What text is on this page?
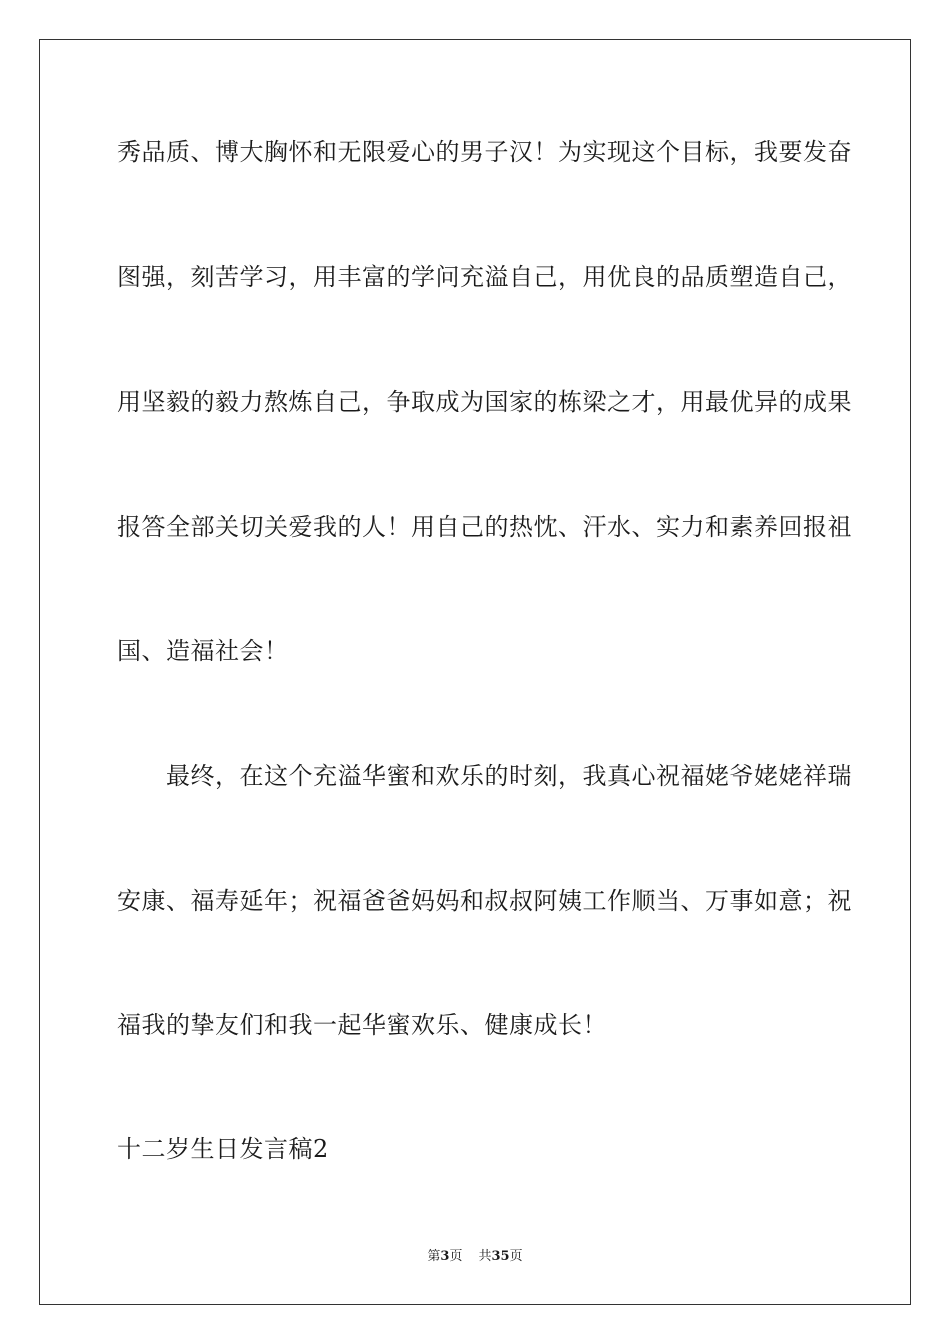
秀品质、博大胸怀和无限爱心的男子汉！为实现这个目标，我要发奋
图强，刻苦学习，用丰富的学问充溢自己，用优良的品质塑造自己，
用坚毅的毅力熬炼自己，争取成为国家的栋梁之才，用最优异的成果
报答全部关切关爱我的人！用自己的热忱、汗水、实力和素养回报祖
国、造福社会！
　　最终，在这个充溢华蜜和欢乐的时刻，我真心祝福姥爷姥姥祥瑞
安康、福寿延年；祝福爸爸妈妈和叔叔阿姨工作顺当、万事如意；祝
福我的挚友们和我一起华蜜欢乐、健康成长！
十二岁生日发言稿2
第3页 共35页
